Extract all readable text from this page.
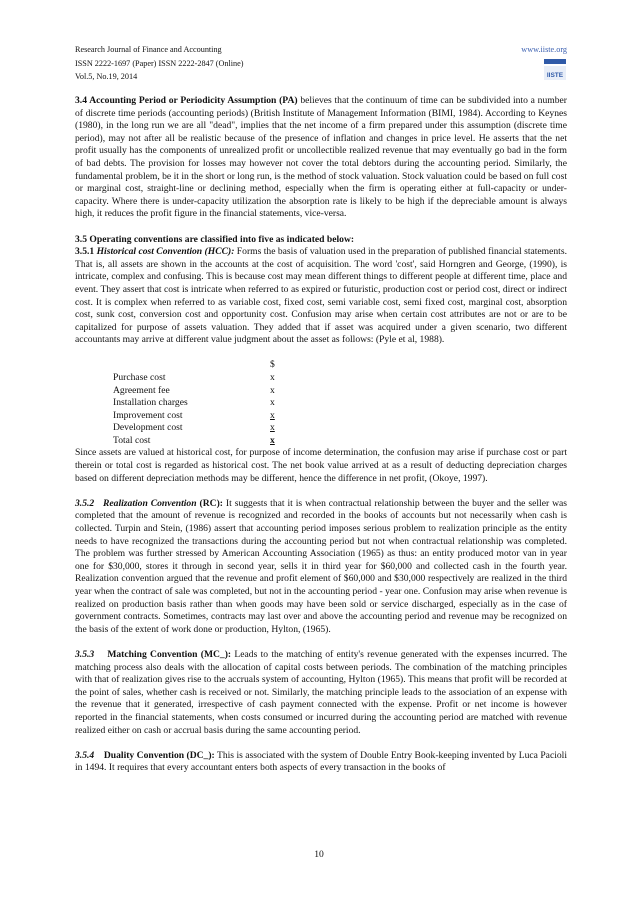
Research Journal of Finance and Accounting
ISSN 2222-1697 (Paper) ISSN 2222-2847 (Online)
Vol.5, No.19, 2014
www.iiste.org
IISTE

3.4 Accounting Period or Periodicity Assumption (PA) believes that the continuum of time can be subdivided into a number of discrete time periods (accounting periods) (British Institute of Management Information (BIMI, 1984). According to Keynes (1980), in the long run we are all "dead", implies that the net income of a firm prepared under this assumption (discrete time period), may not after all be realistic because of the presence of inflation and changes in price level. He asserts that the net profit usually has the components of unrealized profit or uncollectible realized revenue that may eventually go bad in the form of bad debts. The provision for losses may however not cover the total debtors during the accounting period. Similarly, the fundamental problem, be it in the short or long run, is the method of stock valuation. Stock valuation could be based on full cost or marginal cost, straight-line or declining method, especially when the firm is operating either at full-capacity or under-capacity. Where there is under-capacity utilization the absorption rate is likely to be high if the depreciable amount is always high, it reduces the profit figure in the financial statements, vice-versa.

3.5 Operating conventions are classified into five as indicated below:

3.5.1 Historical cost Convention (HCC): Forms the basis of valuation used in the preparation of published financial statements. That is, all assets are shown in the accounts at the cost of acquisition. The word 'cost', said Horngren and George, (1990), is intricate, complex and confusing. This is because cost may mean different things to different people at different time, place and event. They assert that cost is intricate when referred to as expired or futuristic, production cost or period cost, direct or indirect cost. It is complex when referred to as variable cost, fixed cost, semi variable cost, semi fixed cost, marginal cost, absorption cost, sunk cost, conversion cost and opportunity cost. Confusion may arise when certain cost attributes are not or are to be capitalized for purpose of assets valuation. They added that if asset was acquired under a given scenario, two different accountants may arrive at different value judgment about the asset as follows: (Pyle et al, 1988).

$
Purchase cost	x
Agreement fee	x
Installation charges	x
Improvement cost	x
Development cost	x
Total cost	x

Since assets are valued at historical cost, for purpose of income determination, the confusion may arise if purchase cost or part therein or total cost is regarded as historical cost. The net book value arrived at as a result of deducting depreciation charges based on different depreciation methods may be different, hence the difference in net profit, (Okoye, 1997).

3.5.2 Realization Convention (RC): It suggests that it is when contractual relationship between the buyer and the seller was completed that the amount of revenue is recognized and recorded in the books of accounts but not necessarily when cash is collected. Turpin and Stein, (1986) assert that accounting period imposes serious problem to realization principle as the entity needs to have recognized the transactions during the accounting period but not when contractual relationship was completed. The problem was further stressed by American Accounting Association (1965) as thus: an entity produced motor van in year one for $30,000, stores it through in second year, sells it in third year for $60,000 and collected cash in the fourth year. Realization convention argued that the revenue and profit element of $60,000 and $30,000 respectively are realized in the third year when the contract of sale was completed, but not in the accounting period - year one. Confusion may arise when revenue is realized on production basis rather than when goods may have been sold or service discharged, especially as in the case of government contracts. Sometimes, contracts may last over and above the accounting period and revenue may be recognized on the basis of the extent of work done or production, Hylton, (1965).

3.5.3 Matching Convention (MC_): Leads to the matching of entity's revenue generated with the expenses incurred. The matching process also deals with the allocation of capital costs between periods. The combination of the matching principles with that of realization gives rise to the accruals system of accounting, Hylton (1965). This means that profit will be recorded at the point of sales, whether cash is received or not. Similarly, the matching principle leads to the association of an expense with the revenue that it generated, irrespective of cash payment connected with the expense. Profit or net income is however reported in the financial statements, when costs consumed or incurred during the accounting period are matched with revenue realized either on cash or accrual basis during the same accounting period.

3.5.4 Duality Convention (DC_): This is associated with the system of Double Entry Book-keeping invented by Luca Pacioli in 1494. It requires that every accountant enters both aspects of every transaction in the books of

10
